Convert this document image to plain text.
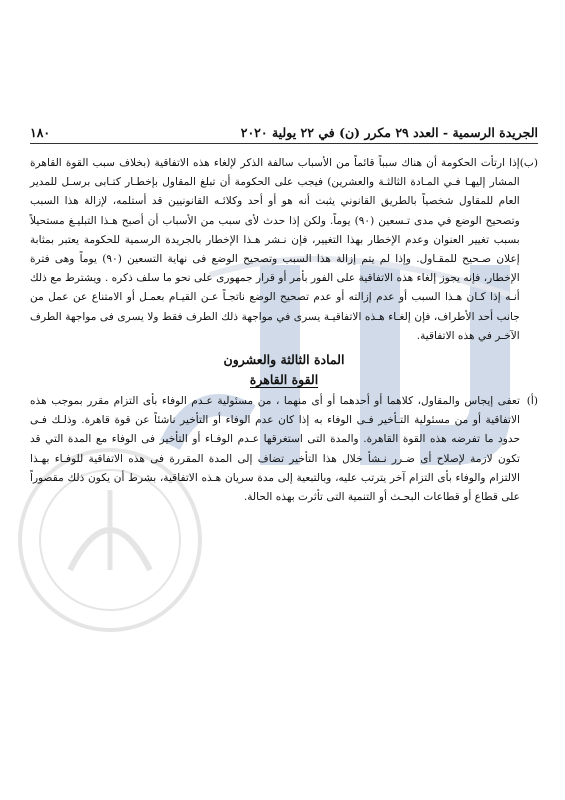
الجريدة الرسمية - العدد ٢٩ مكرر (ن) في ٢٢ يولية ٢٠٢٠
١٨٠

(ب)
إذا ارتأت الحكومة أن هناك سبباً قائماً من الأسباب سالفة الذكر لإلغاء هذه الاتفاقية (بخلاف سبب القوة القاهرة المشار إليهـا فـي المـادة الثالثـة والعشرين) فيجب على الحكومة أن تبلغ المقاول بإخطـار كتـابى برسـل للمدير العام للمقاول شخصياً بالطريق القانوني يثبت أنه هو أو أحد وكلائـه القانونيين قد أستلمه، لإزالة هذا السبب وتصحيح الوضع في مدى تـسعين (٩٠) يوماً. ولكن إذا حدث لأى سبب من الأسباب أن أصبح هـذا التبليـغ مستحيلاً بسبب تغيير العنوان وعدم الإخطار بهذا التغيير، فإن نـشر هـذا الإخطار بالجريدة الرسمية للحكومة يعتبر بمثابة إعلان صـحيح للمقـاول. وإذا لم يتم إزالة هذا السبب وتصحيح الوضع فى نهاية التسعين (٩٠) يوماً وهى فترة الإخطار، فإنه يجوز إلغاء هذه الاتفاقية على الفور بأمر أو قرار جمهورى على نحو ما سلف ذكره . ويشترط مع ذلك أنـه إذا كـان هـذا السبب أو عدم إزالته أو عدم تصحيح الوضع ناتجـاً عـن القيـام بعمـل أو الامتناع عن عمل من جانب أحد الأطراف، فإن إلغـاء هـذه الاتفاقيـة يسرى في مواجهة ذلك الطرف فقط ولا يسرى فى مواجهة الطرف الآخـر في هذه الاتفاقية.

المادة الثالثة والعشرون
القوة القاهرة

(أ)
تعفى إيجاس والمقاول، كلاهما أو أحدهما أو أى منهما ، من مسئولية عـدم الوفاء بأى التزام مقرر بموجب هذه الاتفاقية أو من مسئولية التـأخير فـى الوفاء به إذا كان عدم الوفاء أو التأخير ناشئاً عن قوة قاهرة. وذلـك فـى حدود ما تفرضه هذه القوة القاهرة. والمدة التى استغرقها عـدم الوفـاء أو التأخير فى الوفاء مع المدة التي قد تكون لازمة لإصلاح أى ضـرر نـشأ خلال هذا التأخير تضاف إلى المدة المقررة فى هذه الاتفاقية للوفـاء بهـذا الالتزام والوفاء بأى التزام آخر يترتب عليه، وبالتبعية إلى مدة سريان هـذه الاتفاقية، بشرط أن يكون ذلك مقصوراً على قطاع أو قطاعات البحـث أو التنمية التى تأثرت بهذه الحالة.
